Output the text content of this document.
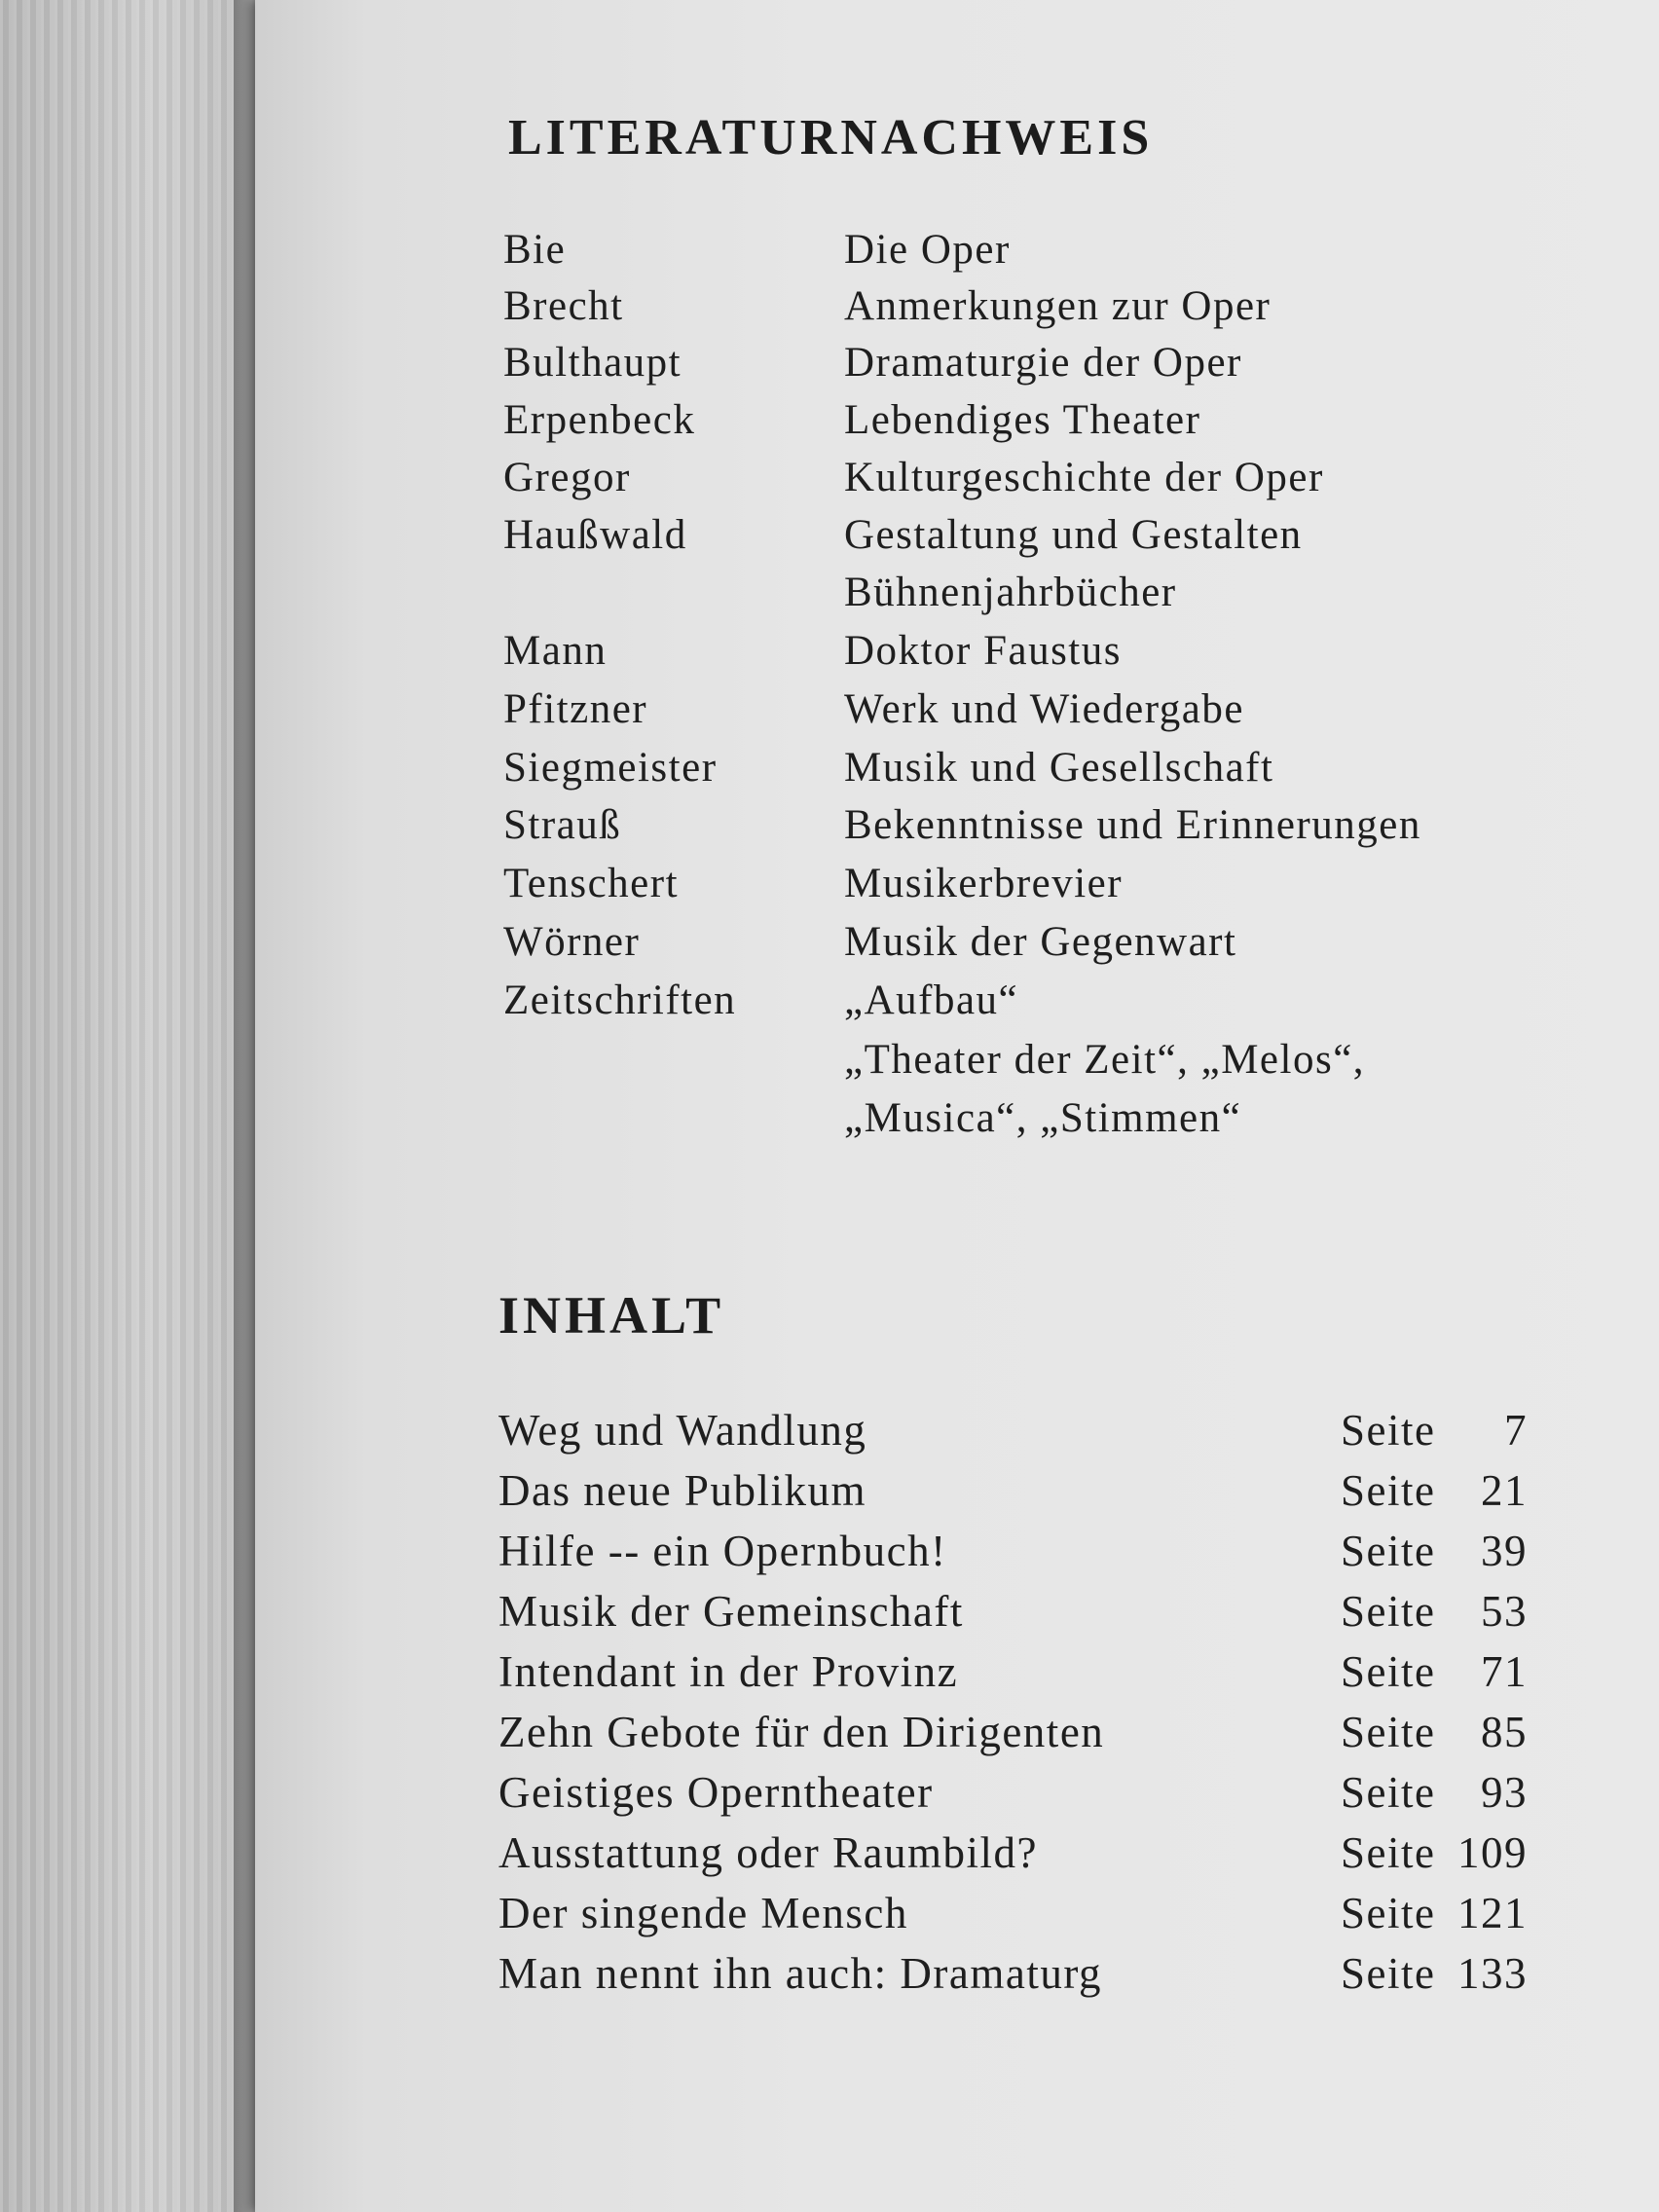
LITERATURNACHWEIS
Bie	Die Oper
Brecht	Anmerkungen zur Oper
Bulthaupt	Dramaturgie der Oper
Erpenbeck	Lebendiges Theater
Gregor	Kulturgeschichte der Oper
Haußwald	Gestaltung und Gestalten
Bühnenjahrbücher
Mann	Doktor Faustus
Pfitzner	Werk und Wiedergabe
Siegmeister	Musik und Gesellschaft
Strauß	Bekenntnisse und Erinnerungen
Tenschert	Musikerbrevier
Wörner	Musik der Gegenwart
Zeitschriften	„Aufbau“
„Theater der Zeit“, „Melos“,
„Musica“, „Stimmen“
INHALT
Weg und Wandlung	Seite 7
Das neue Publikum	Seite 21
Hilfe -- ein Opernbuch!	Seite 39
Musik der Gemeinschaft	Seite 53
Intendant in der Provinz	Seite 71
Zehn Gebote für den Dirigenten	Seite 85
Geistiges Operntheater	Seite 93
Ausstattung oder Raumbild?	Seite 109
Der singende Mensch	Seite 121
Man nennt ihn auch: Dramaturg	Seite 133
